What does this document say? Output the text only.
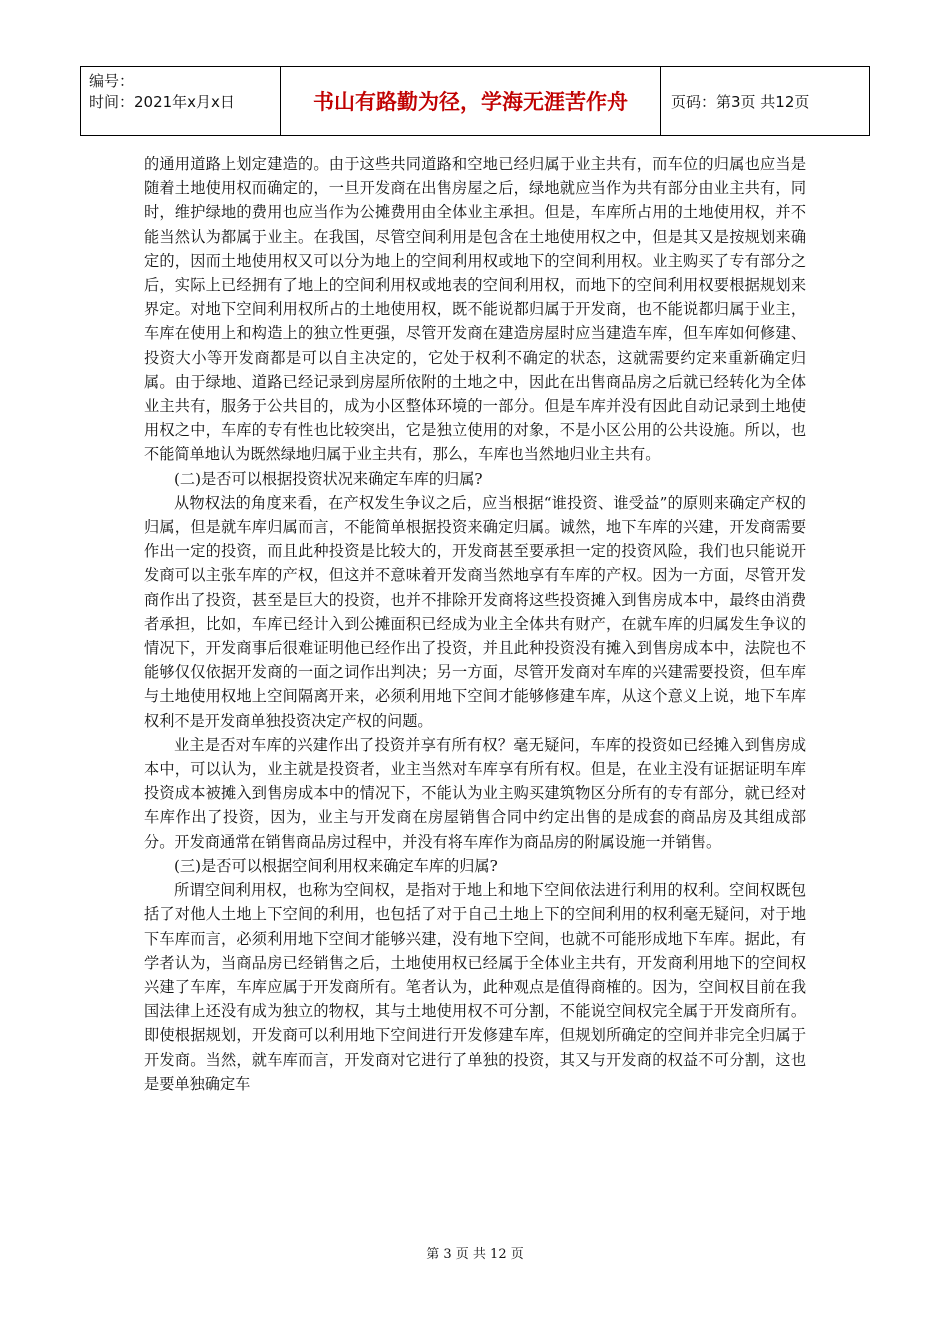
编号：
时间：2021年x月x日	书山有路勤为径，学海无涯苦作舟	页码：第3页 共12页

的通用道路上划定建造的。由于这些共同道路和空地已经归属于业主共有，而车位的归属也应当是随着土地使用权而确定的，一旦开发商在出售房屋之后，绿地就应当作为共有部分由业主共有，同时，维护绿地的费用也应当作为公摊费用由全体业主承担。但是，车库所占用的土地使用权，并不能当然认为都属于业主。在我国，尽管空间利用是包含在土地使用权之中，但是其又是按规划来确定的，因而土地使用权又可以分为地上的空间利用权或地下的空间利用权。业主购买了专有部分之后，实际上已经拥有了地上的空间利用权或地表的空间利用权，而地下的空间利用权要根据规划来界定。对地下空间利用权所占的土地使用权，既不能说都归属于开发商，也不能说都归属于业主，车库在使用上和构造上的独立性更强，尽管开发商在建造房屋时应当建造车库，但车库如何修建、投资大小等开发商都是可以自主决定的，它处于权利不确定的状态，这就需要约定来重新确定归属。由于绿地、道路已经记录到房屋所依附的土地之中，因此在出售商品房之后就已经转化为全体业主共有，服务于公共目的，成为小区整体环境的一部分。但是车库并没有因此自动记录到土地使用权之中，车库的专有性也比较突出，它是独立使用的对象，不是小区公用的公共设施。所以，也不能简单地认为既然绿地归属于业主共有，那么，车库也当然地归业主共有。

(二)是否可以根据投资状况来确定车库的归属?

从物权法的角度来看，在产权发生争议之后，应当根据“谁投资、谁受益”的原则来确定产权的归属，但是就车库归属而言，不能简单根据投资来确定归属。诚然，地下车库的兴建，开发商需要作出一定的投资，而且此种投资是比较大的，开发商甚至要承担一定的投资风险，我们也只能说开发商可以主张车库的产权，但这并不意味着开发商当然地享有车库的产权。因为一方面，尽管开发商作出了投资，甚至是巨大的投资，也并不排除开发商将这些投资摊入到售房成本中，最终由消费者承担，比如，车库已经计入到公摊面积已经成为业主全体共有财产，在就车库的归属发生争议的情况下，开发商事后很难证明他已经作出了投资，并且此种投资没有摊入到售房成本中，法院也不能够仅仅依据开发商的一面之词作出判决；另一方面，尽管开发商对车库的兴建需要投资，但车库与土地使用权地上空间隔离开来，必须利用地下空间才能够修建车库，从这个意义上说，地下车库权利不是开发商单独投资决定产权的问题。

业主是否对车库的兴建作出了投资并享有所有权？毫无疑问，车库的投资如已经摊入到售房成本中，可以认为，业主就是投资者，业主当然对车库享有所有权。但是，在业主没有证据证明车库投资成本被摊入到售房成本中的情况下，不能认为业主购买建筑物区分所有的专有部分，就已经对车库作出了投资，因为，业主与开发商在房屋销售合同中约定出售的是成套的商品房及其组成部分。开发商通常在销售商品房过程中，并没有将车库作为商品房的附属设施一并销售。

(三)是否可以根据空间利用权来确定车库的归属?

所谓空间利用权，也称为空间权，是指对于地上和地下空间依法进行利用的权利。空间权既包括了对他人土地上下空间的利用，也包括了对于自己土地上下的空间利用的权利毫无疑问，对于地下车库而言，必须利用地下空间才能够兴建，没有地下空间，也就不可能形成地下车库。据此，有学者认为，当商品房已经销售之后，土地使用权已经属于全体业主共有，开发商利用地下的空间权兴建了车库，车库应属于开发商所有。笔者认为，此种观点是值得商榷的。因为，空间权目前在我国法律上还没有成为独立的物权，其与土地使用权不可分割，不能说空间权完全属于开发商所有。即使根据规划，开发商可以利用地下空间进行开发修建车库，但规划所确定的空间并非完全归属于开发商。当然，就车库而言，开发商对它进行了单独的投资，其又与开发商的权益不可分割，这也是要单独确定车

第 3 页 共 12 页
